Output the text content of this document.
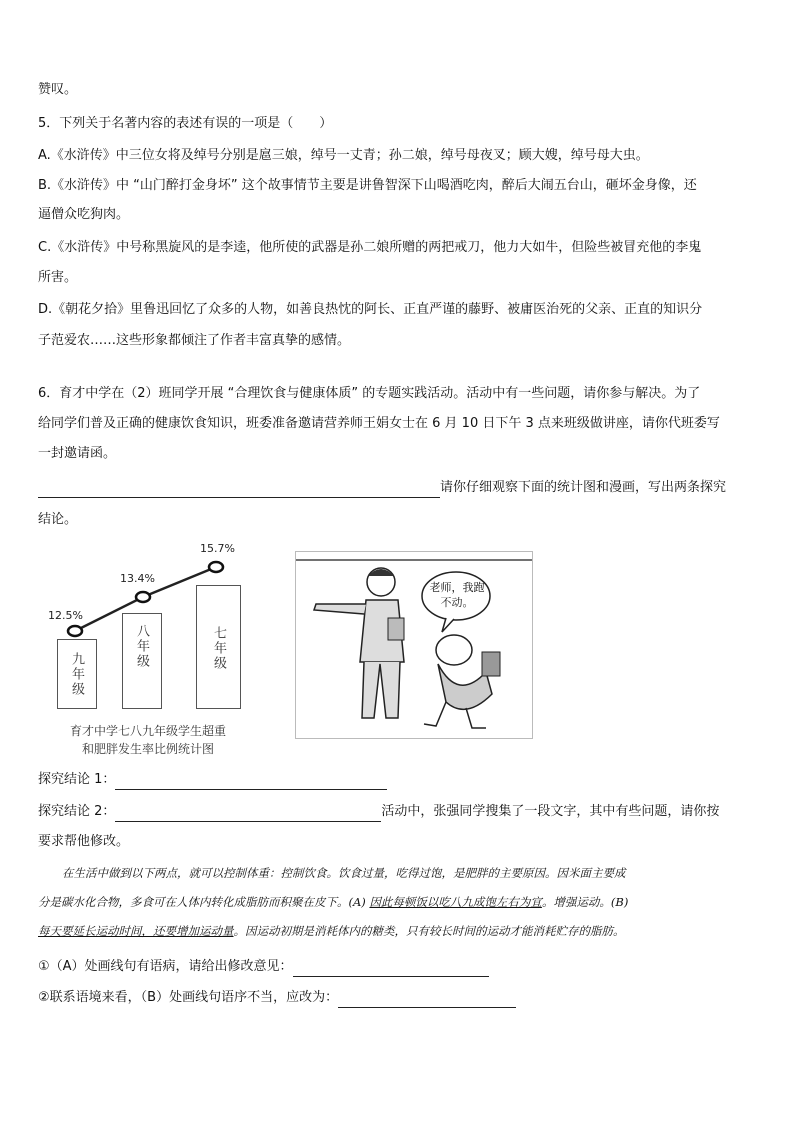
赞叹。
5．下列关于名著内容的表述有误的一项是（　　）
A.《水浒传》中三位女将及绰号分别是扈三娘，绰号一丈青；孙二娘，绰号母夜叉；顾大嫂，绰号母大虫。
B.《水浒传》中 “山门醉打金身坏” 这个故事情节主要是讲鲁智深下山喝酒吃肉，醉后大闹五台山，砸坏金身像，还
逼僧众吃狗肉。
C.《水浒传》中号称黑旋风的是李逵，他所使的武器是孙二娘所赠的两把戒刀，他力大如牛，但险些被冒充他的李鬼
所害。
D.《朝花夕拾》里鲁迅回忆了众多的人物，如善良热忱的阿长、正直严谨的藤野、被庸医治死的父亲、正直的知识分
子范爱农……这些形象都倾注了作者丰富真挚的感情。
6．育才中学在（2）班同学开展 “合理饮食与健康体质” 的专题实践活动。活动中有一些问题，请你参与解决。为了
给同学们普及正确的健康饮食知识，班委准备邀请营养师王娟女士在 6 月 10 日下午 3 点来班级做讲座，请你代班委写
一封邀请函。
请你仔细观察下面的统计图和漫画，写出两条探究
结论。
九年级
八年级	七年级
12.5%
13.4%
15.7%
育才中学七八九年级学生超重
和肥胖发生率比例统计图
老师，我跑不动。
探究结论 1：
探究结论 2：	活动中，张强同学搜集了一段文字，其中有些问题，请你按
要求帮他修改。
在生活中做到以下两点，就可以控制体重：控制饮食。饮食过量，吃得过饱，是肥胖的主要原因。因米面主要成
分是碳水化合物，多食可在人体内转化成脂肪而积聚在皮下。(A) 因此每顿饭以吃八九成饱左右为宜。增强运动。(B)
每天要延长运动时间，还要增加运动量。因运动初期是消耗体内的糖类，只有较长时间的运动才能消耗贮存的脂肪。
①（A）处画线句有语病，请给出修改意见：
②联系语境来看，（B）处画线句语序不当，应改为：
